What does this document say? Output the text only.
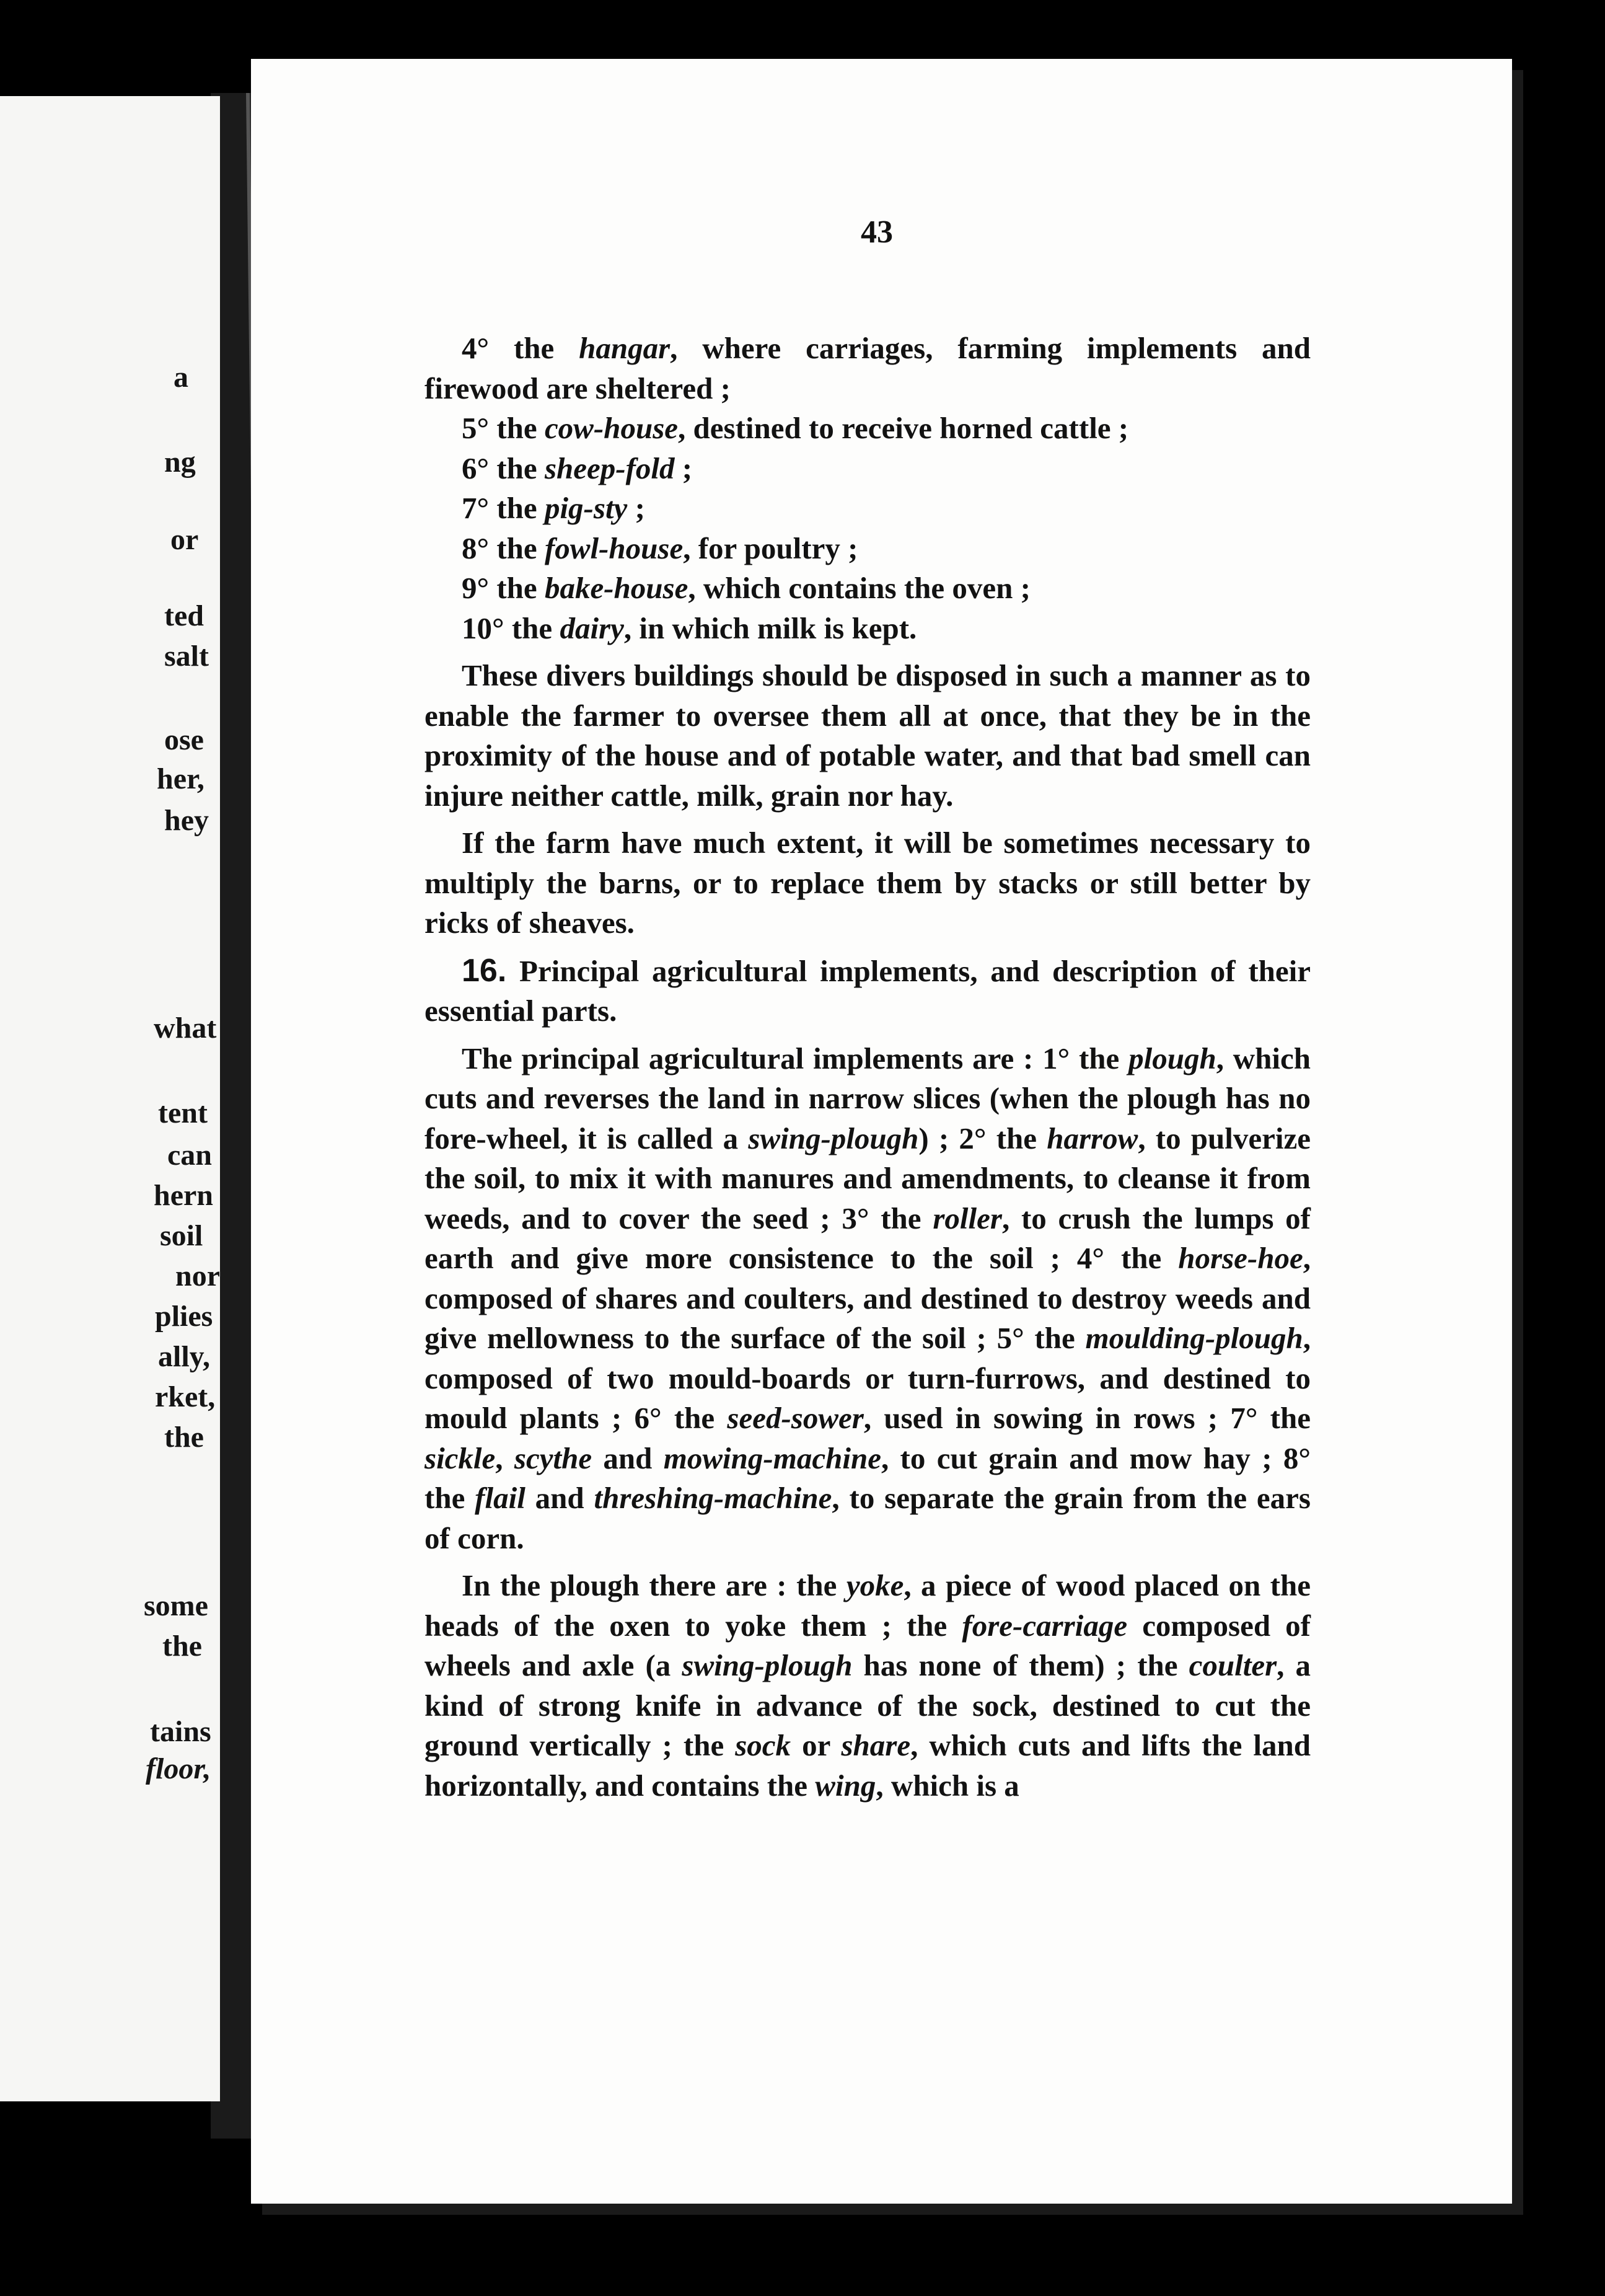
a
ng
or
ted
salt
ose
her,
hey
what
tent
can
hern
soil
nor
plies
ally,
rket,
the
some
the
tains
floor,
43

4° the hangar, where carriages, farming implements and firewood are sheltered ;

5° the cow-house, destined to receive horned cattle ;

6° the sheep-fold ;

7° the pig-sty ;

8° the fowl-house, for poultry ;

9° the bake-house, which contains the oven ;

10° the dairy, in which milk is kept.

These divers buildings should be disposed in such a manner as to enable the farmer to oversee them all at once, that they be in the proximity of the house and of potable water, and that bad smell can injure neither cattle, milk, grain nor hay.

If the farm have much extent, it will be sometimes necessary to multiply the barns, or to replace them by stacks or still better by ricks of sheaves.

16. Principal agricultural implements, and description of their essential parts.

The principal agricultural implements are : 1° the plough, which cuts and reverses the land in narrow slices (when the plough has no fore-wheel, it is called a swing-plough) ; 2° the harrow, to pulverize the soil, to mix it with manures and amendments, to cleanse it from weeds, and to cover the seed ; 3° the roller, to crush the lumps of earth and give more consistence to the soil ; 4° the horse-hoe, composed of shares and coulters, and destined to destroy weeds and give mellowness to the surface of the soil ; 5° the moulding-plough, composed of two mould-boards or turn-furrows, and destined to mould plants ; 6° the seed-sower, used in sowing in rows ; 7° the sickle, scythe and mowing-machine, to cut grain and mow hay ; 8° the flail and threshing-machine, to separate the grain from the ears of corn.

In the plough there are : the yoke, a piece of wood placed on the heads of the oxen to yoke them ; the fore-carriage composed of wheels and axle (a swing-plough has none of them) ; the coulter, a kind of strong knife in advance of the sock, destined to cut the ground vertically ; the sock or share, which cuts and lifts the land horizontally, and contains the wing, which is a
